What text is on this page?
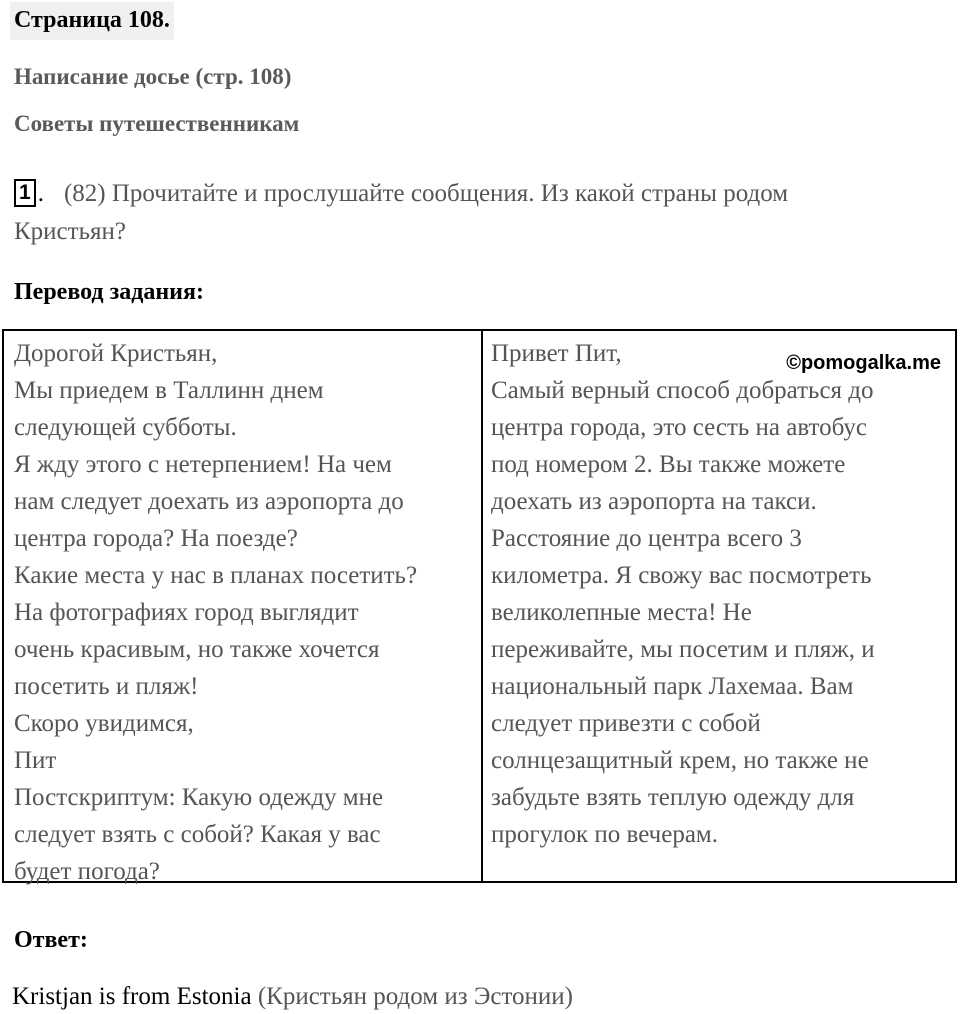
Страница 108.
Написание досье (стр. 108)
Советы путешественникам
1 . (82) Прочитайте и прослушайте сообщения. Из какой страны родом
Кристьян?
Перевод задания:
Дорогой Кристьян,
Мы приедем в Таллинн днем
следующей субботы.
Я жду этого с нетерпением! На чем
нам следует доехать из аэропорта до
центра города? На поезде?
Какие места у нас в планах посетить?
На фотографиях город выглядит
очень красивым, но также хочется
посетить и пляж!
Скоро увидимся,
Пит
Постскриптум: Какую одежду мне
следует взять с собой? Какая у вас
будет погода?
Привет Пит,
Самый верный способ добраться до
центра города, это сесть на автобус
под номером 2. Вы также можете
доехать из аэропорта на такси.
Расстояние до центра всего 3
километра. Я свожу вас посмотреть
великолепные места! Не
переживайте, мы посетим и пляж, и
национальный парк Лахемаа. Вам
следует привезти с собой
солнцезащитный крем, но также не
забудьте взять теплую одежду для
прогулок по вечерам.
©pomogalka.me
Ответ:
Kristjan is from Estonia (Кристьян родом из Эстонии)
